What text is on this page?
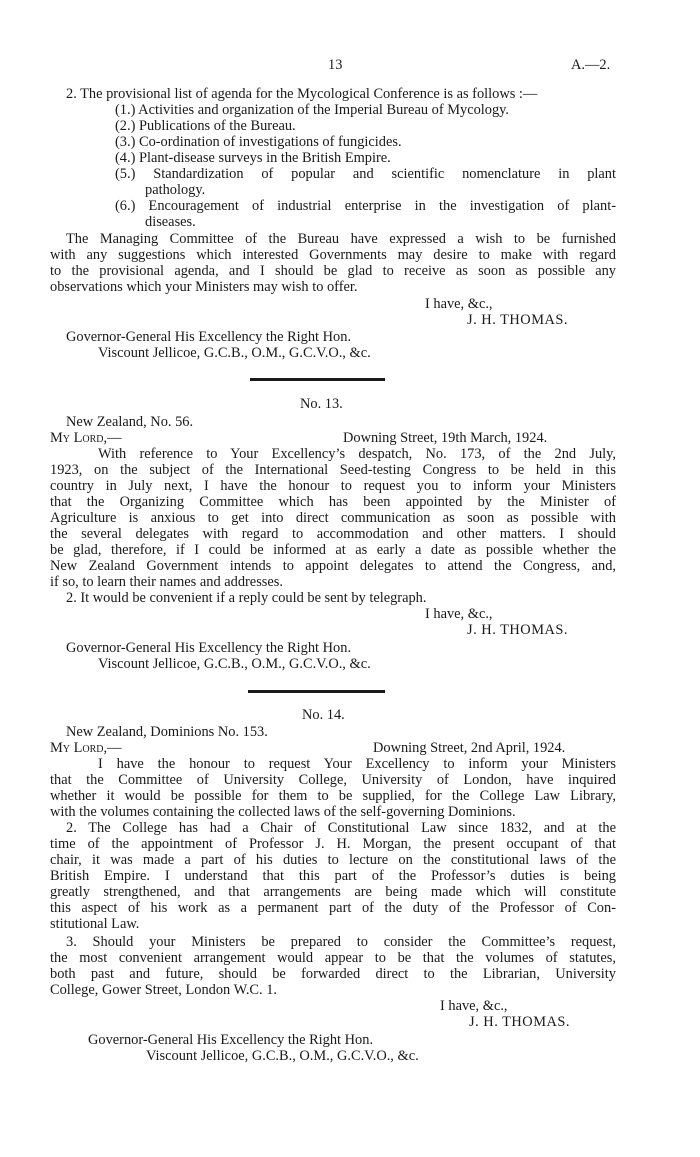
13	A.—2.
2. The provisional list of agenda for the Mycological Conference is as follows :—
(1.) Activities and organization of the Imperial Bureau of Mycology.
(2.) Publications of the Bureau.
(3.) Co-ordination of investigations of fungicides.
(4.) Plant-disease surveys in the British Empire.
(5.) Standardization of popular and scientific nomenclature in plant
pathology.
(6.) Encouragement of industrial enterprise in the investigation of plant-
diseases.
The Managing Committee of the Bureau have expressed a wish to be furnished
with any suggestions which interested Governments may desire to make with regard
to the provisional agenda, and I should be glad to receive as soon as possible any
observations which your Ministers may wish to offer.
I have, &c.,
J. H. THOMAS.
Governor-General His Excellency the Right Hon.
Viscount Jellicoe, G.C.B., O.M., G.C.V.O., &c.
No. 13.
New Zealand, No. 56.
My Lord,—	Downing Street, 19th March, 1924.
With reference to Your Excellency’s despatch, No. 173, of the 2nd July,
1923, on the subject of the International Seed-testing Congress to be held in this
country in July next, I have the honour to request you to inform your Ministers
that the Organizing Committee which has been appointed by the Minister of
Agriculture is anxious to get into direct communication as soon as possible with
the several delegates with regard to accommodation and other matters. I should
be glad, therefore, if I could be informed at as early a date as possible whether the
New Zealand Government intends to appoint delegates to attend the Congress, and,
if so, to learn their names and addresses.
2. It would be convenient if a reply could be sent by telegraph.
I have, &c.,
J. H. THOMAS.
Governor-General His Excellency the Right Hon.
Viscount Jellicoe, G.C.B., O.M., G.C.V.O., &c.
No. 14.
New Zealand, Dominions No. 153.
My Lord,—	Downing Street, 2nd April, 1924.
I have the honour to request Your Excellency to inform your Ministers
that the Committee of University College, University of London, have inquired
whether it would be possible for them to be supplied, for the College Law Library,
with the volumes containing the collected laws of the self-governing Dominions.
2. The College has had a Chair of Constitutional Law since 1832, and at the
time of the appointment of Professor J. H. Morgan, the present occupant of that
chair, it was made a part of his duties to lecture on the constitutional laws of the
British Empire. I understand that this part of the Professor’s duties is being
greatly strengthened, and that arrangements are being made which will constitute
this aspect of his work as a permanent part of the duty of the Professor of Con-
stitutional Law.
3. Should your Ministers be prepared to consider the Committee’s request,
the most convenient arrangement would appear to be that the volumes of statutes,
both past and future, should be forwarded direct to the Librarian, University
College, Gower Street, London W.C. 1.
I have, &c.,
J. H. THOMAS.
Governor-General His Excellency the Right Hon.
Viscount Jellicoe, G.C.B., O.M., G.C.V.O., &c.
